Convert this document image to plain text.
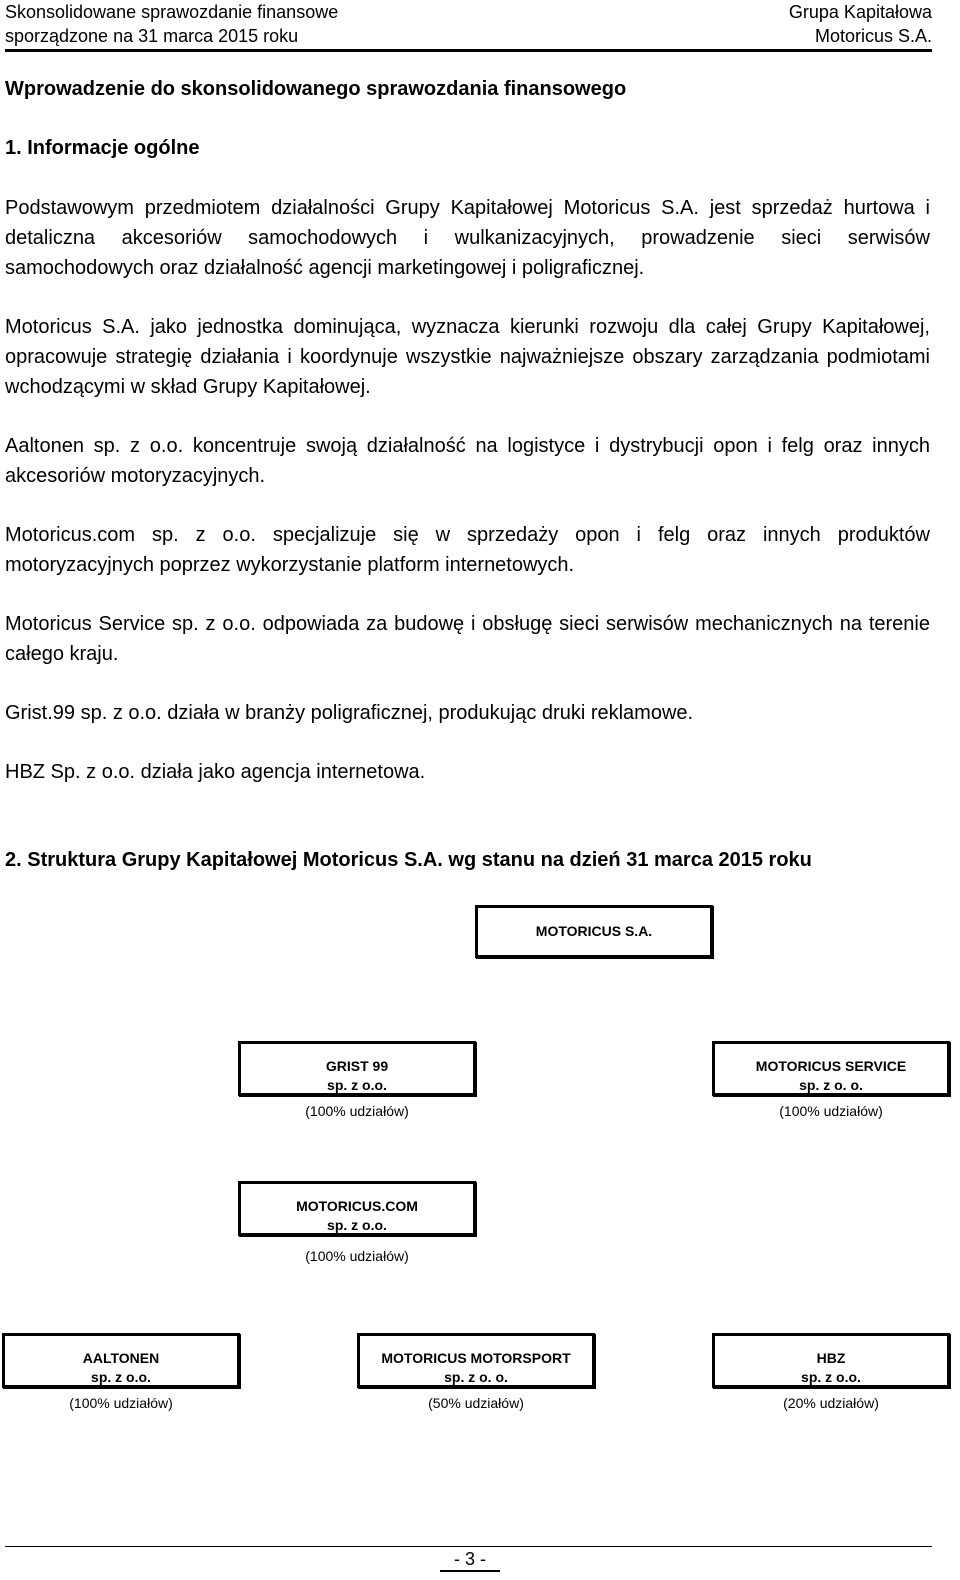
Skonsolidowane sprawozdanie finansowe
sporządzone na 31 marca 2015 roku
Grupa Kapitałowa
Motoricus S.A.
Wprowadzenie do skonsolidowanego sprawozdania finansowego
1. Informacje ogólne
Podstawowym przedmiotem działalności Grupy Kapitałowej Motoricus S.A. jest sprzedaż hurtowa i detaliczna akcesoriów samochodowych i wulkanizacyjnych, prowadzenie sieci serwisów samochodowych oraz działalność agencji marketingowej i poligraficznej.
Motoricus S.A. jako jednostka dominująca, wyznacza kierunki rozwoju dla całej Grupy Kapitałowej, opracowuje strategię działania i koordynuje wszystkie najważniejsze obszary zarządzania podmiotami wchodzącymi w skład Grupy Kapitałowej.
Aaltonen sp. z o.o. koncentruje swoją działalność na logistyce i dystrybucji opon i felg oraz innych akcesoriów motoryzacyjnych.
Motoricus.com sp. z o.o. specjalizuje się w sprzedaży opon i felg oraz innych produktów motoryzacyjnych poprzez wykorzystanie platform internetowych.
Motoricus Service sp. z o.o. odpowiada za budowę i obsługę sieci serwisów mechanicznych na terenie całego kraju.
Grist.99 sp. z o.o. działa w branży poligraficznej, produkując druki reklamowe.
HBZ Sp. z o.o. działa jako agencja internetowa.
2. Struktura Grupy Kapitałowej Motoricus S.A. wg stanu na dzień 31 marca 2015 roku
MOTORICUS S.A.
GRIST 99
sp. z o.o.
(100% udziałów)
MOTORICUS SERVICE
sp. z o. o.
(100% udziałów)
MOTORICUS.COM
sp. z o.o.
(100% udziałów)
AALTONEN
sp. z o.o.
(100% udziałów)
MOTORICUS MOTORSPORT
sp. z o. o.
(50% udziałów)
HBZ
sp. z o.o.
(20% udziałów)
- 3 -
